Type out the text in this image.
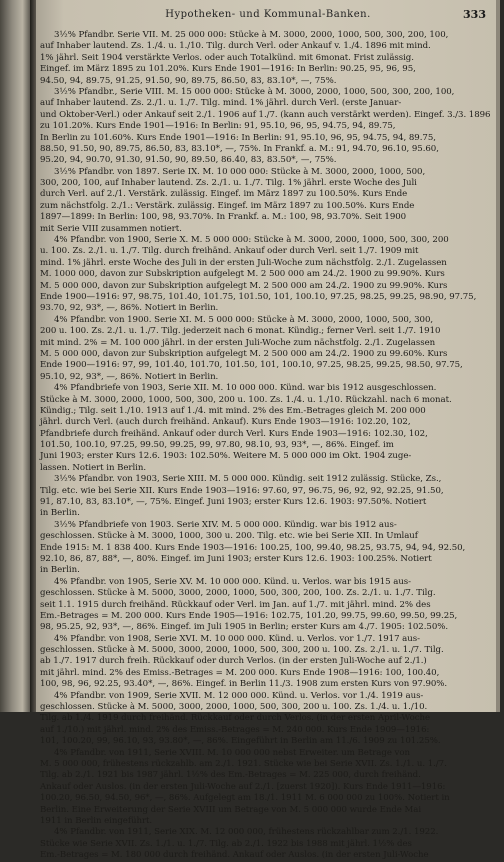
Hypotheken- und Kommunal-Banken.	333
3½% Pfandbr. Serie VII. M. 25 000 000: Stücke à M. 3000, 2000, 1000, 500, 300, 200, 100,
auf Inhaber lautend. Zs. 1./4. u. 1./10. Tilg. durch Verl. oder Ankauf v. 1./4. 1896 mit mind.
1% jährl. Seit 1904 verstärkte Verlos. oder auch Totalkünd. mit 6monat. Frist zulässig.
Eingef. im März 1895 zu 101.20%. Kurs Ende 1901—1916: In Berlin: 90.25, 95, 96, 95,
94.50, 94, 89.75, 91.25, 91.50, 90, 89.75, 86.50, 83, 83.10*, —, 75%.
3½% Pfandbr., Serie VIII. M. 15 000 000: Stücke à M. 3000, 2000, 1000, 500, 300, 200, 100,
auf Inhaber lautend. Zs. 2./1. u. 1./7. Tilg. mind. 1% jährl. durch Verl. (erste Januar-
und Oktober-Verl.) oder Ankauf seit 2./1. 1906 auf 1./7. (kann auch verstärkt werden). Eingef. 3./3. 1896
zu 101.20%. Kurs Ende 1901—1916: In Berlin: 91, 95.10, 96, 95, 94.75, 94, 89.75,
In Berlin zu 101.60%. Kurs Ende 1901—1916: In Berlin: 91, 95.10, 96, 95, 94.75, 94, 89.75,
88.50, 91.50, 90, 89.75, 86.50, 83, 83.10*, —, 75%. In Frankf. a. M.: 91, 94.70, 96.10, 95.60,
95.20, 94, 90.70, 91.30, 91.50, 90, 89.50, 86.40, 83, 83.50*, —, 75%.
3½% Pfandbr. von 1897. Serie IX. M. 10 000 000: Stücke à M. 3000, 2000, 1000, 500,
300, 200, 100, auf Inhaber lautend. Zs. 2./1. u. 1./7. Tilg. 1% jährl. erste Woche des Juli
durch Verl. auf 2./1. Verstärk. zulässig. Eingef. im März 1897 zu 100.50%. Kurs Ende
zum nächstfolg. 2./1.: Verstärk. zulässig. Eingef. im März 1897 zu 100.50%. Kurs Ende
1897—1899: In Berlin: 100, 98, 93.70%. In Frankf. a. M.: 100, 98, 93.70%. Seit 1900
mit Serie VIII zusammen notiert.
4% Pfandbr. von 1900, Serie X. M. 5 000 000: Stücke à M. 3000, 2000, 1000, 500, 300, 200
u. 100. Zs. 2./1. u. 1./7. Tilg. durch freihänd. Ankauf oder durch Verl. seit 1./7. 1909 mit
mind. 1% jährl. erste Woche des Juli in der ersten Juli-Woche zum nächstfolg. 2./1. Zugelassen
M. 1000 000, davon zur Subskription aufgelegt M. 2 500 000 am 24./2. 1900 zu 99.90%. Kurs
M. 5 000 000, davon zur Subskription aufgelegt M. 2 500 000 am 24./2. 1900 zu 99.90%. Kurs
Ende 1900—1916: 97, 98.75, 101.40, 101.75, 101.50, 101, 100.10, 97.25, 98.25, 99.25, 98.90, 97.75,
93.70, 92, 93*, —, 86%. Notiert in Berlin.
4% Pfandbr. von 1900. Serie XI. M. 5 000 000: Stücke à M. 3000, 2000, 1000, 500, 300,
200 u. 100. Zs. 2./1. u. 1./7. Tilg. jederzeit nach 6 monat. Kündig.; ferner Verl. seit 1./7. 1910
mit mind. 2% = M. 100 000 jährl. in der ersten Juli-Woche zum nächstfolg. 2./1. Zugelassen
M. 5 000 000, davon zur Subskription aufgelegt M. 2 500 000 am 24./2. 1900 zu 99.60%. Kurs
Ende 1900—1916: 97, 99, 101.40, 101.70, 101.50, 101, 100.10, 97.25, 98.25, 99.25, 98.50, 97.75,
95.10, 92, 93*, —, 86%. Notiert in Berlin.
4% Pfandbriefe von 1903, Serie XII. M. 10 000 000. Künd. war bis 1912 ausgeschlossen.
Stücke à M. 3000, 2000, 1000, 500, 300, 200 u. 100. Zs. 1./4. u. 1./10. Rückzahl. nach 6 monat.
Kündig.; Tilg. seit 1./10. 1913 auf 1./4. mit mind. 2% des Em.-Betrages gleich M. 200 000
jährl. durch Verl. (auch durch freihänd. Ankauf). Kurs Ende 1903—1916: 102.20, 102,
Pfandbriefe durch freihänd. Ankauf oder durch Verl. Kurs Ende 1903—1916: 102.30, 102,
101.50, 100.10, 97.25, 99.50, 99.25, 99, 97.80, 98.10, 93, 93*, —, 86%. Eingef. im
Juni 1903; erster Kurs 12.6. 1903: 102.50%. Weitere M. 5 000 000 im Okt. 1904 zuge-
lassen. Notiert in Berlin.
3½% Pfandbr. von 1903, Serie XIII. M. 5 000 000. Kündig. seit 1912 zulässig. Stücke, Zs.,
Tilg. etc. wie bei Serie XII. Kurs Ende 1903—1916: 97.60, 97, 96.75, 96, 92, 92, 92.25, 91.50,
91, 87.10, 83, 83.10*, —, 75%. Eingef. Juni 1903; erster Kurs 12.6. 1903: 97.50%. Notiert
in Berlin.
3½% Pfandbriefe von 1903. Serie XIV. M. 5 000 000. Kündig. war bis 1912 aus-
geschlossen. Stücke à M. 3000, 1000, 300 u. 200. Tilg. etc. wie bei Serie XII. In Umlauf
Ende 1915: M. 1 838 400. Kurs Ende 1903—1916: 100.25, 100, 99.40, 98.25, 93.75, 94, 94, 92.50,
92.10, 86, 87, 88*, —, 80%. Eingef. im Juni 1903; erster Kurs 12.6. 1903: 100.25%. Notiert
in Berlin.
4% Pfandbr. von 1905, Serie XV. M. 10 000 000. Künd. u. Verlos. war bis 1915 aus-
geschlossen. Stücke à M. 5000, 3000, 2000, 1000, 500, 300, 200, 100. Zs. 2./1. u. 1./7. Tilg.
seit 1.1. 1915 durch freihänd. Rückkauf oder Verl. im Jan. auf 1./7. mit jährl. mind. 2% des
Em.-Betrages = M. 200 000. Kurs Ende 1905—1916: 102.75, 101.20, 99.75, 99.60, 99.50, 99.25,
98, 95.25, 92, 93*, —, 86%. Eingef. im Juli 1905 in Berlin; erster Kurs am 4./7. 1905: 102.50%.
4% Pfandbr. von 1908, Serie XVI. M. 10 000 000. Künd. u. Verlos. vor 1./7. 1917 aus-
geschlossen. Stücke à M. 5000, 3000, 2000, 1000, 500, 300, 200 u. 100. Zs. 2./1. u. 1./7. Tilg.
ab 1./7. 1917 durch freih. Rückkauf oder durch Verlos. (in der ersten Juli-Woche auf 2./1.)
mit jährl. mind. 2% des Emiss.-Betrages = M. 200 000. Kurs Ende 1908—1916: 100, 100.40,
100, 98, 96, 92.25, 93.40*, —, 86%. Eingef. in Berlin 11./3. 1908 zum ersten Kurs von 97.90%.
4% Pfandbr. von 1909, Serie XVII. M. 12 000 000. Künd. u. Verlos. vor 1./4. 1919 aus-
geschlossen. Stücke à M. 5000, 3000, 2000, 1000, 500, 300, 200 u. 100. Zs. 1./4. u. 1./10.
Tilg. ab 1./4. 1919 durch freihänd. Rückkauf oder durch Verlos. (in der ersten April-Woche
auf 1./10.) mit jährl. mind. 2% des Emiss.-Betrages = M. 240 000. Kurs Ende 1909—1916:
101, 100.20, 99, 96.10, 93, 93.80*, —, 86%. Eingeführt in Berlin am 11./6. 1909 zu 101.25%.
4% Pfandbr. von 1911, Serie XVIII. M. 10 000 000 nebst Erweiter. um Betrage von
M. 5 000 000, frühestens rückzahlb. am 2./1. 1921. Stücke wie bei Serie XVII. Zs. 1./1. u. 1./7.
Tilg. ab 2./1. 1921 bis 1987 jährl. 1½% des Em.-Betrages = M. 225 000, durch freihänd.
Ankauf oder Auslos. (in der ersten Juli-Woche auf 2./1. [zuerst 1920]). Kurs Ende 1911—1916:
100.20, 96.50, 94.50, 96*, —, 86%. Aufgelegt am 18./1. 1911 M. 6 000 000 zu 100%. Notiert in
Berlin. Eine Erweiterung der Serie XVIII um Betrage von M. 5 000 000 wurde Ende Mai
1911 in Berlin eingeführt.
4% Pfandbr. von 1911, Serie XIX. M. 12 000 000, frühestens rückzahlbar zum 2./1. 1922.
Stücke wie Serie XVII. Zs. 1./1. u. 1./7. Tilg. ab 2./1. 1922 bis 1988 mit jährl. 1½% des
Em.-Betrages = M. 180 000 durch freihänd. Ankauf oder Auslos. (in der ersten Juli-Woche
